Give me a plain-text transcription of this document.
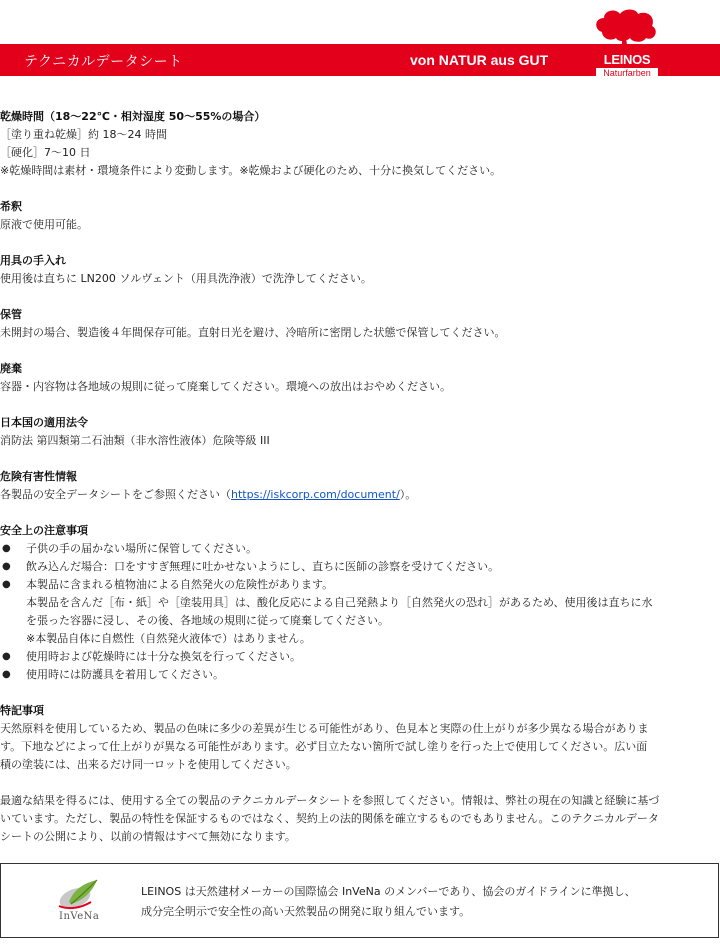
テクニカルデータシート	von NATUR aus GUT	LEINOS
Naturfarben
乾燥時間（18〜22℃・相対湿度 50〜55%の場合）
［塗り重ね乾燥］約 18〜24 時間
［硬化］7〜10 日
※乾燥時間は素材・環境条件により変動します。※乾燥および硬化のため、十分に換気してください。
希釈
原液で使用可能。
用具の手入れ
使用後は直ちに LN200 ソルヴェント（用具洗浄液）で洗浄してください。
保管
未開封の場合、製造後４年間保存可能。直射日光を避け、冷暗所に密閉した状態で保管してください。
廃棄
容器・内容物は各地域の規則に従って廃棄してください。環境への放出はおやめください。
日本国の適用法令
消防法 第四類第二石油類（非水溶性液体）危険等級 III
危険有害性情報
各製品の安全データシートをご参照ください（https://iskcorp.com/document/）。
安全上の注意事項
● 子供の手の届かない場所に保管してください。
● 飲み込んだ場合：口をすすぎ無理に吐かせないようにし、直ちに医師の診察を受けてください。
● 本製品に含まれる植物油による自然発火の危険性があります。
本製品を含んだ［布・紙］や［塗装用具］は、酸化反応による自己発熱より［自然発火の恐れ］があるため、使用後は直ちに水
を張った容器に浸し、その後、各地域の規則に従って廃棄してください。
※本製品自体に自燃性（自然発火液体で）はありません。
● 使用時および乾燥時には十分な換気を行ってください。
● 使用時には防護具を着用してください。
特記事項
天然原料を使用しているため、製品の色味に多少の差異が生じる可能性があり、色見本と実際の仕上がりが多少異なる場合がありま
す。下地などによって仕上がりが異なる可能性があります。必ず目立たない箇所で試し塗りを行った上で使用してください。広い面
積の塗装には、出来るだけ同一ロットを使用してください。
最適な結果を得るには、使用する全ての製品のテクニカルデータシートを参照してください。情報は、弊社の現在の知識と経験に基づ
いています。ただし、製品の特性を保証するものではなく、契約上の法的関係を確立するものでもありません。このテクニカルデータ
シートの公開により、以前の情報はすべて無効になります。
InVeNa
LEINOS は天然建材メーカーの国際協会 InVeNa のメンバーであり、協会のガイドラインに準拠し、
成分完全明示で安全性の高い天然製品の開発に取り組んでいます。
